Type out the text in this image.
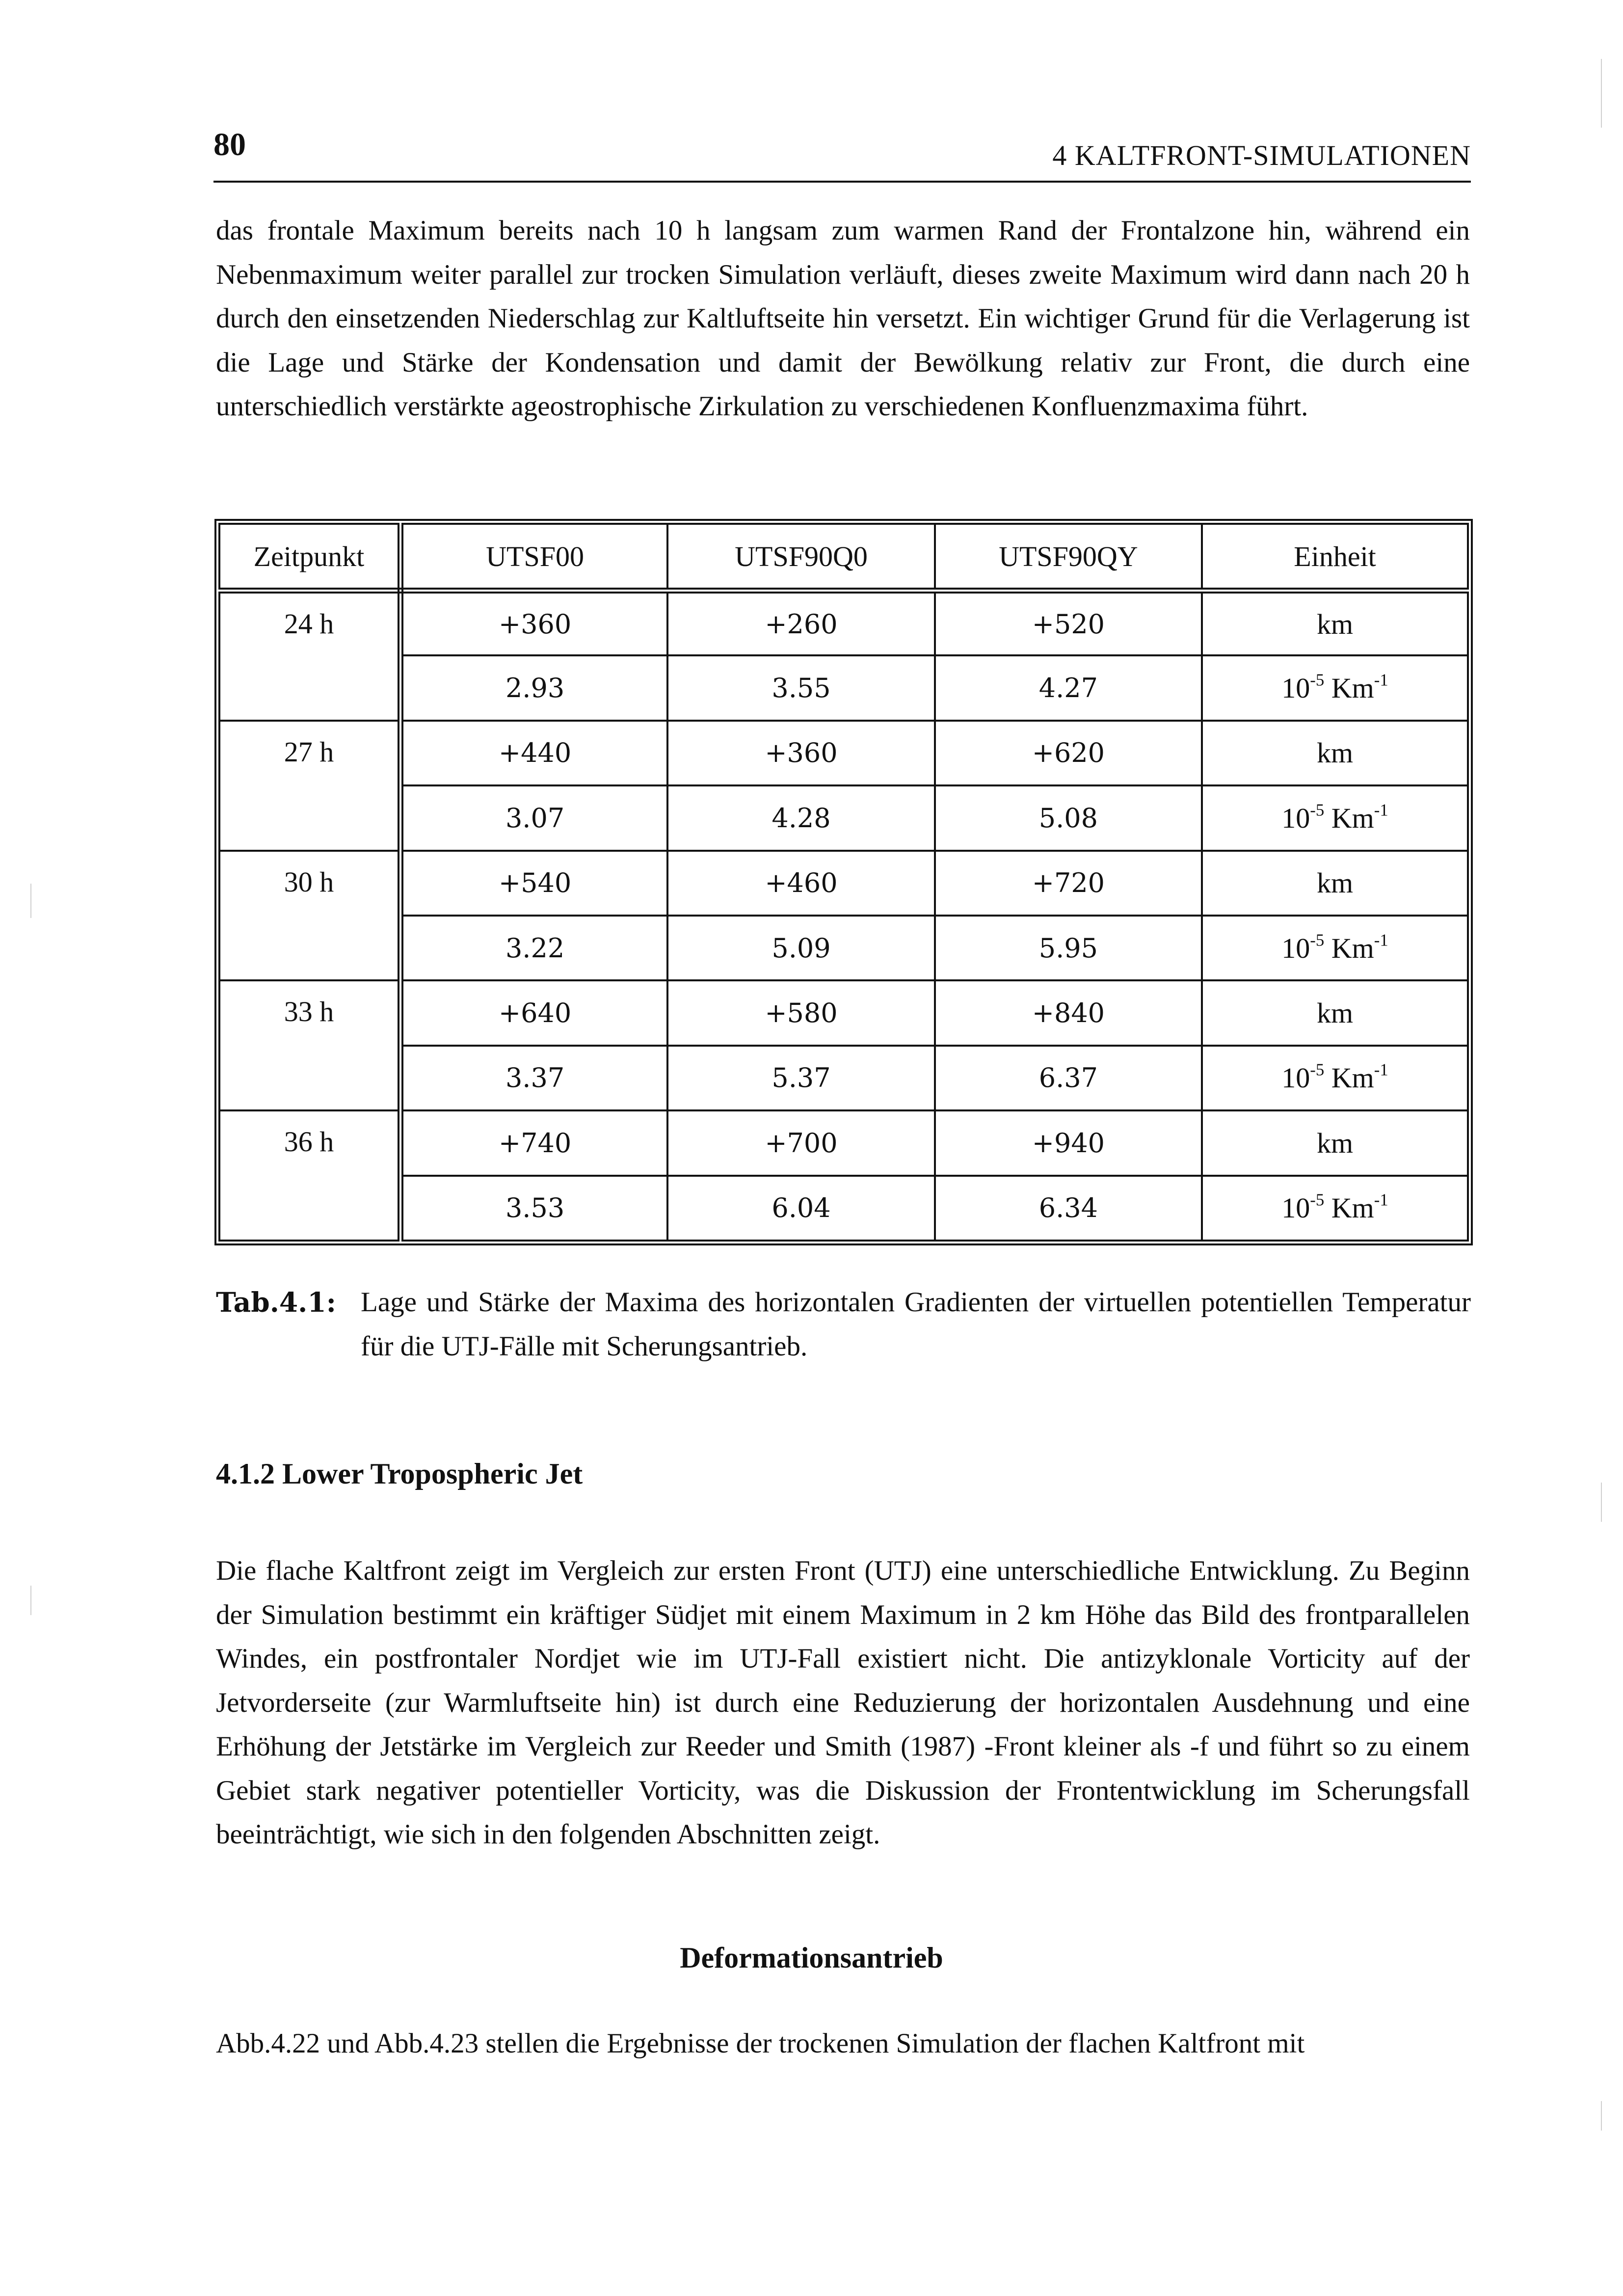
80	4 KALTFRONT-SIMULATIONEN

das frontale Maximum bereits nach 10 h langsam zum warmen Rand der Frontalzone hin, während ein Nebenmaximum weiter parallel zur trocken Simulation verläuft, dieses zweite Maximum wird dann nach 20 h durch den einsetzenden Niederschlag zur Kaltluftseite hin versetzt. Ein wichtiger Grund für die Verlagerung ist die Lage und Stärke der Kondensation und damit der Bewölkung relativ zur Front, die durch eine unterschiedlich verstärkte ageostrophische Zirkulation zu verschiedenen Konfluenzmaxima führt.

Zeitpunkt	UTSF00	UTSF90Q0	UTSF90QY	Einheit
24 h	+360	+260	+520	km
	2.93	3.55	4.27	$10^{-5}$ $Km^{-1}$
27 h	+440	+360	+620	km
	3.07	4.28	5.08	$10^{-5}$ $Km^{-1}$
30 h	+540	+460	+720	km
	3.22	5.09	5.95	$10^{-5}$ $Km^{-1}$
33 h	+640	+580	+840	km
	3.37	5.37	6.37	$10^{-5}$ $Km^{-1}$
36 h	+740	+700	+940	km
	3.53	6.04	6.34	$10^{-5}$ $Km^{-1}$
Tab.4.1: Lage und Stärke der Maxima des horizontalen Gradienten der virtuellen potentiellen Temperatur für die UTJ-Fälle mit Scherungsantrieb.
4.1.2 Lower Tropospheric Jet

Die flache Kaltfront zeigt im Vergleich zur ersten Front (UTJ) eine unterschiedliche Entwicklung. Zu Beginn der Simulation bestimmt ein kräftiger Südjet mit einem Maximum in 2 km Höhe das Bild des frontparallelen Windes, ein postfrontaler Nordjet wie im UTJ-Fall existiert nicht. Die antizyklonale Vorticity auf der Jetvorderseite (zur Warmluftseite hin) ist durch eine Reduzierung der horizontalen Ausdehnung und eine Erhöhung der Jetstärke im Vergleich zur Reeder und Smith (1987) -Front kleiner als -f und führt so zu einem Gebiet stark negativer potentieller Vorticity, was die Diskussion der Frontentwicklung im Scherungsfall beeinträchtigt, wie sich in den folgenden Abschnitten zeigt.

Deformationsantrieb

Abb.4.22 und Abb.4.23 stellen die Ergebnisse der trockenen Simulation der flachen Kaltfront mit
